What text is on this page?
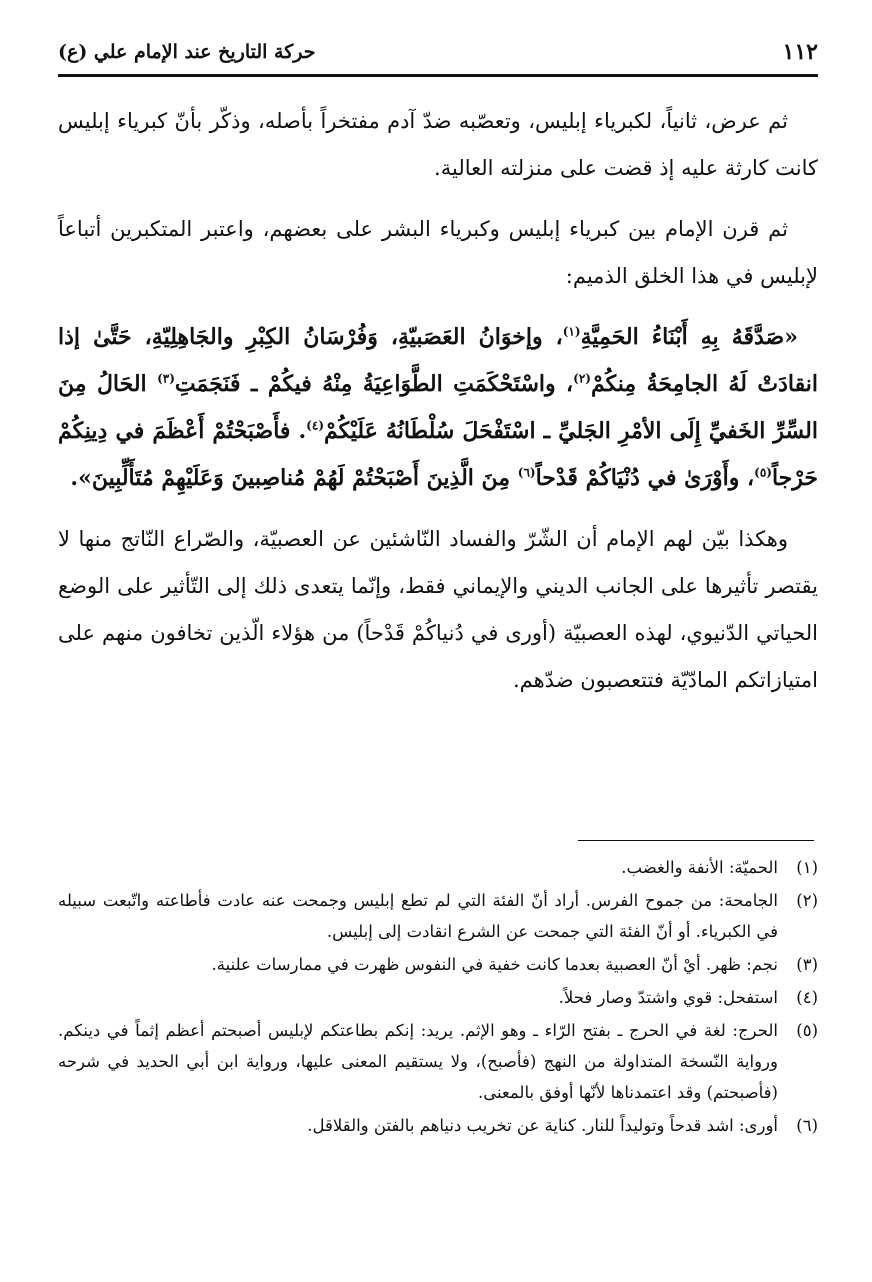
١١٢
حركة التاريخ عند الإمام علي (ع)

ثم عرض، ثانياً، لكبرياء إبليس، وتعصّبه ضدّ آدم مفتخراً بأصله، وذكّر بأنّ كبرياء إبليس كانت كارثة عليه إذ قضت على منزلته العالية.

ثم قرن الإمام بين كبرياء إبليس وكبرياء البشر على بعضهم، واعتبر المتكبرين أتباعاً لإبليس في هذا الخلق الذميم:

«صَدَّقَهُ بِهِ أَبْنَاءُ الحَمِيَّةِ$^{(١)}$، وإخوَانُ العَصَبيّةِ، وَفُرْسَانُ الكِبْرِ والجَاهِلِيّةِ، حَتَّىٰ إذا انقادَتْ لَهُ الجامِحَةُ مِنكُمْ$^{(٢)}$، واسْتَحْكَمَتِ الطَّوَاعِيَةُ مِنْهُ فيكُمْ ـ فَنَجَمَتِ$^{(٣)}$ الحَالُ مِنَ السِّرِّ الخَفيِّ إِلَى الأمْرِ الجَليِّ ـ اسْتَفْحَلَ سُلْطَانُهُ عَلَيْكُمْ$^{(٤)}$. فأَصْبَحْتُمْ أَعْظَمَ في دِينِكُمْ حَرْجاً$^{(٥)}$، وأَوْرَىٰ في دُنْيَاكُمْ قَدْحاً$^{(٦)}$ مِنَ الَّذِينَ أَصْبَحْتُمْ لَهُمْ مُناصِبينَ وَعَلَيْهِمْ مُتَأَلِّبِينَ».

وهكذا بيّن لهم الإمام أن الشّرّ والفساد النّاشئين عن العصبيّة، والصّراع النّاتج منها لا يقتصر تأثيرها على الجانب الديني والإيماني فقط، وإنّما يتعدى ذلك إلى التّأثير على الوضع الحياتي الدّنيوي، لهذه العصبيّة (أورى في دُنياكُمْ قَدْحاً) من هؤلاء الّذين تخافون منهم على امتيازاتكم المادّيّة فتتعصبون ضدّهم.

(١)
الحميّة: الأنفة والغضب.
(٢)
الجامحة: من جموح الفرس. أراد أنّ الفئة التي لم تطع إبليس وجمحت عنه عادت فأطاعته واتّبعت سبيله في الكبرياء. أو أنّ الفئة التي جمحت عن الشرع انقادت إلى إبليس.
(٣)
نجم: ظهر. أيْ أنّ العصبية بعدما كانت خفية في النفوس ظهرت في ممارسات علنية.
(٤)
استفحل: قوي واشتدّ وصار فحلاً.
(٥)
الحرج: لغة في الحرج ـ بفتح الرّاء ـ وهو الإثم. يريد: إنكم بطاعتكم لإبليس أصبحتم أعظم إثماً في دينكم. ورواية النّسخة المتداولة من النهج (فأصبح)، ولا يستقيم المعنى عليها، ورواية ابن أبي الحديد في شرحه (فأصبحتم) وقد اعتمدناها لأنّها أوفق بالمعنى.
(٦)
أورى: اشد قدحاً وتوليداً للنار. كناية عن تخريب دنياهم بالفتن والقلاقل.
